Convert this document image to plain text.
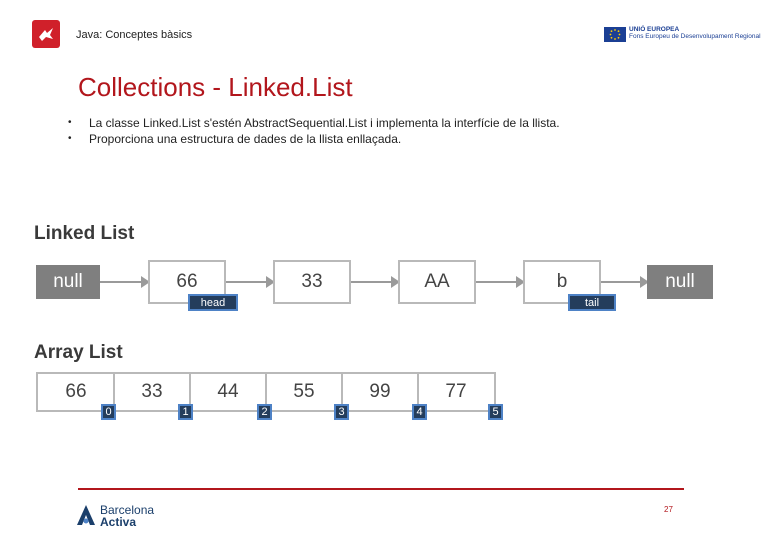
Java: Conceptes bàsics	UNIÓ EUROPEA
Fons Europeu de Desenvolupament Regional
Collections - Linked.List
• La classe Linked.List s'estén AbstractSequential.List i implementa la interfície de la llista.
• Proporciona una estructura de dades de la llista enllaçada.
Linked List
null	66	33	AA	b	null
head	tail
Array List
66	33	44	55	99	77
0	1	2	3	4	5
Barcelona
Activa
27
